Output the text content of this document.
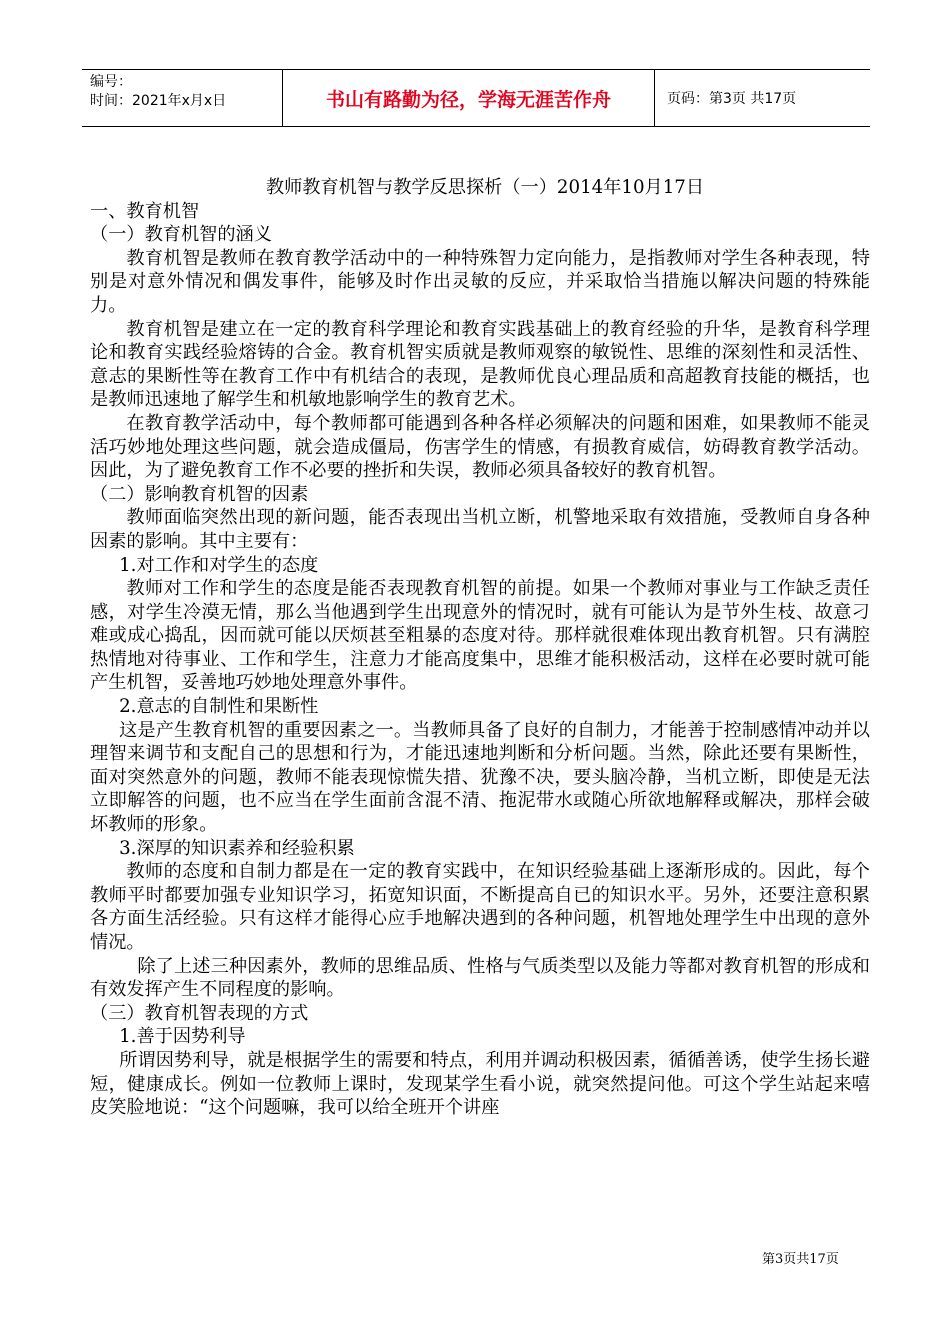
编号：
时间：2021年x月x日	书山有路勤为径，学海无涯苦作舟	页码：第3页 共17页

教师教育机智与教学反思探析（一）2014年10月17日

一、教育机智

（一）教育机智的涵义

教育机智是教师在教育教学活动中的一种特殊智力定向能力，是指教师对学生各种表现，特别是对意外情况和偶发事件，能够及时作出灵敏的反应，并采取恰当措施以解决问题的特殊能力。

教育机智是建立在一定的教育科学理论和教育实践基础上的教育经验的升华，是教育科学理论和教育实践经验熔铸的合金。教育机智实质就是教师观察的敏锐性、思维的深刻性和灵活性、意志的果断性等在教育工作中有机结合的表现，是教师优良心理品质和高超教育技能的概括，也是教师迅速地了解学生和机敏地影响学生的教育艺术。

在教育教学活动中，每个教师都可能遇到各种各样必须解决的问题和困难，如果教师不能灵活巧妙地处理这些问题，就会造成僵局，伤害学生的情感，有损教育威信，妨碍教育教学活动。因此，为了避免教育工作不必要的挫折和失误，教师必须具备较好的教育机智。

（二）影响教育机智的因素

教师面临突然出现的新问题，能否表现出当机立断，机警地采取有效措施，受教师自身各种因素的影响。其中主要有：

1.对工作和对学生的态度

教师对工作和学生的态度是能否表现教育机智的前提。如果一个教师对事业与工作缺乏责任感，对学生冷漠无情，那么当他遇到学生出现意外的情况时，就有可能认为是节外生枝、故意刁难或成心捣乱，因而就可能以厌烦甚至粗暴的态度对待。那样就很难体现出教育机智。只有满腔热情地对待事业、工作和学生，注意力才能高度集中，思维才能积极活动，这样在必要时就可能产生机智，妥善地巧妙地处理意外事件。

2.意志的自制性和果断性

这是产生教育机智的重要因素之一。当教师具备了良好的自制力，才能善于控制感情冲动并以理智来调节和支配自己的思想和行为，才能迅速地判断和分析问题。当然，除此还要有果断性，面对突然意外的问题，教师不能表现惊慌失措、犹豫不决，要头脑冷静，当机立断，即使是无法立即解答的问题，也不应当在学生面前含混不清、拖泥带水或随心所欲地解释或解决，那样会破坏教师的形象。

3.深厚的知识素养和经验积累

教师的态度和自制力都是在一定的教育实践中，在知识经验基础上逐渐形成的。因此，每个教师平时都要加强专业知识学习，拓宽知识面，不断提高自已的知识水平。另外，还要注意积累各方面生活经验。只有这样才能得心应手地解决遇到的各种问题，机智地处理学生中出现的意外情况。

除了上述三种因素外，教师的思维品质、性格与气质类型以及能力等都对教育机智的形成和有效发挥产生不同程度的影响。

（三）教育机智表现的方式

1.善于因势利导

所谓因势利导，就是根据学生的需要和特点，利用并调动积极因素，循循善诱，使学生扬长避短，健康成长。例如一位教师上课时，发现某学生看小说，就突然提问他。可这个学生站起来嘻皮笑脸地说：“这个问题嘛，我可以给全班开个讲座

第3页共17页
